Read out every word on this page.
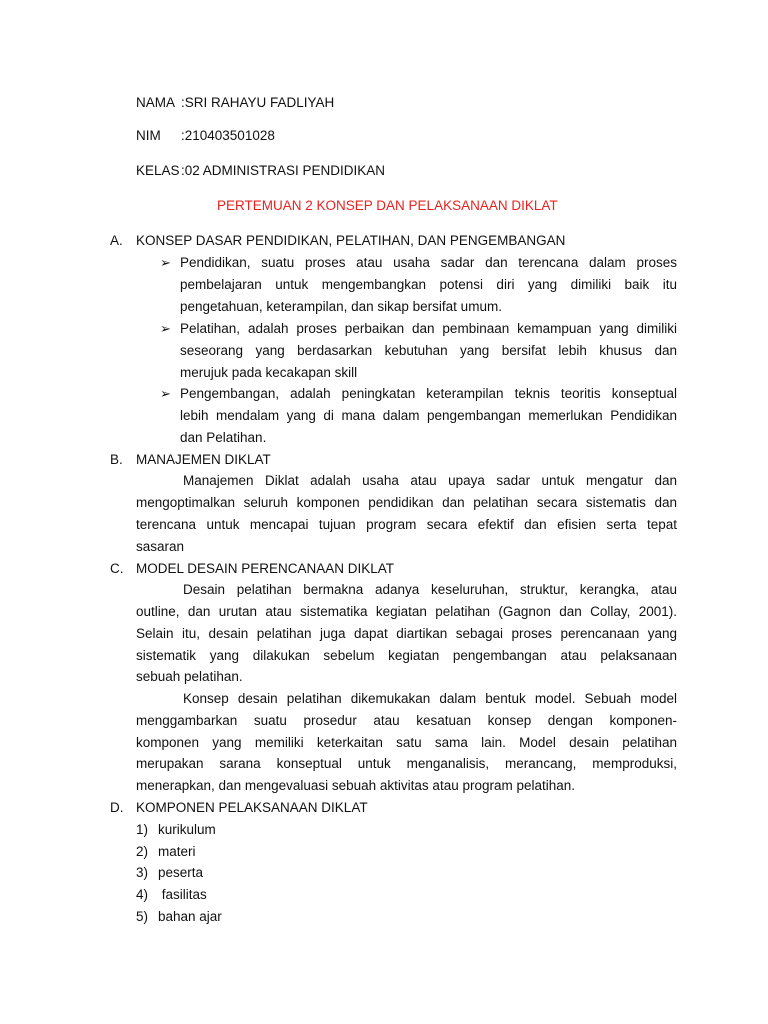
NAMA :SRI RAHAYU FADLIYAH
NIM :210403501028
KELAS :02 ADMINISTRASI PENDIDIKAN
PERTEMUAN 2 KONSEP DAN PELAKSANAAN DIKLAT
A. KONSEP DASAR PENDIDIKAN, PELATIHAN, DAN PENGEMBANGAN
➢ Pendidikan, suatu proses atau usaha sadar dan terencana dalam proses
pembelajaran untuk mengembangkan potensi diri yang dimiliki baik itu
pengetahuan, keterampilan, dan sikap bersifat umum.
➢ Pelatihan, adalah proses perbaikan dan pembinaan kemampuan yang dimiliki
seseorang yang berdasarkan kebutuhan yang bersifat lebih khusus dan
merujuk pada kecakapan skill
➢ Pengembangan, adalah peningkatan keterampilan teknis teoritis konseptual
lebih mendalam yang di mana dalam pengembangan memerlukan Pendidikan
dan Pelatihan.
B. MANAJEMEN DIKLAT
Manajemen Diklat adalah usaha atau upaya sadar untuk mengatur dan
mengoptimalkan seluruh komponen pendidikan dan pelatihan secara sistematis dan
terencana untuk mencapai tujuan program secara efektif dan efisien serta tepat
sasaran
C. MODEL DESAIN PERENCANAAN DIKLAT
Desain pelatihan bermakna adanya keseluruhan, struktur, kerangka, atau
outline, dan urutan atau sistematika kegiatan pelatihan (Gagnon dan Collay, 2001).
Selain itu, desain pelatihan juga dapat diartikan sebagai proses perencanaan yang
sistematik yang dilakukan sebelum kegiatan pengembangan atau pelaksanaan
sebuah pelatihan.
Konsep desain pelatihan dikemukakan dalam bentuk model. Sebuah model
menggambarkan suatu prosedur atau kesatuan konsep dengan komponen-
komponen yang memiliki keterkaitan satu sama lain. Model desain pelatihan
merupakan sarana konseptual untuk menganalisis, merancang, memproduksi,
menerapkan, dan mengevaluasi sebuah aktivitas atau program pelatihan.
D. KOMPONEN PELAKSANAAN DIKLAT
1) kurikulum
2) materi
3) peserta
4) fasilitas
5) bahan ajar
